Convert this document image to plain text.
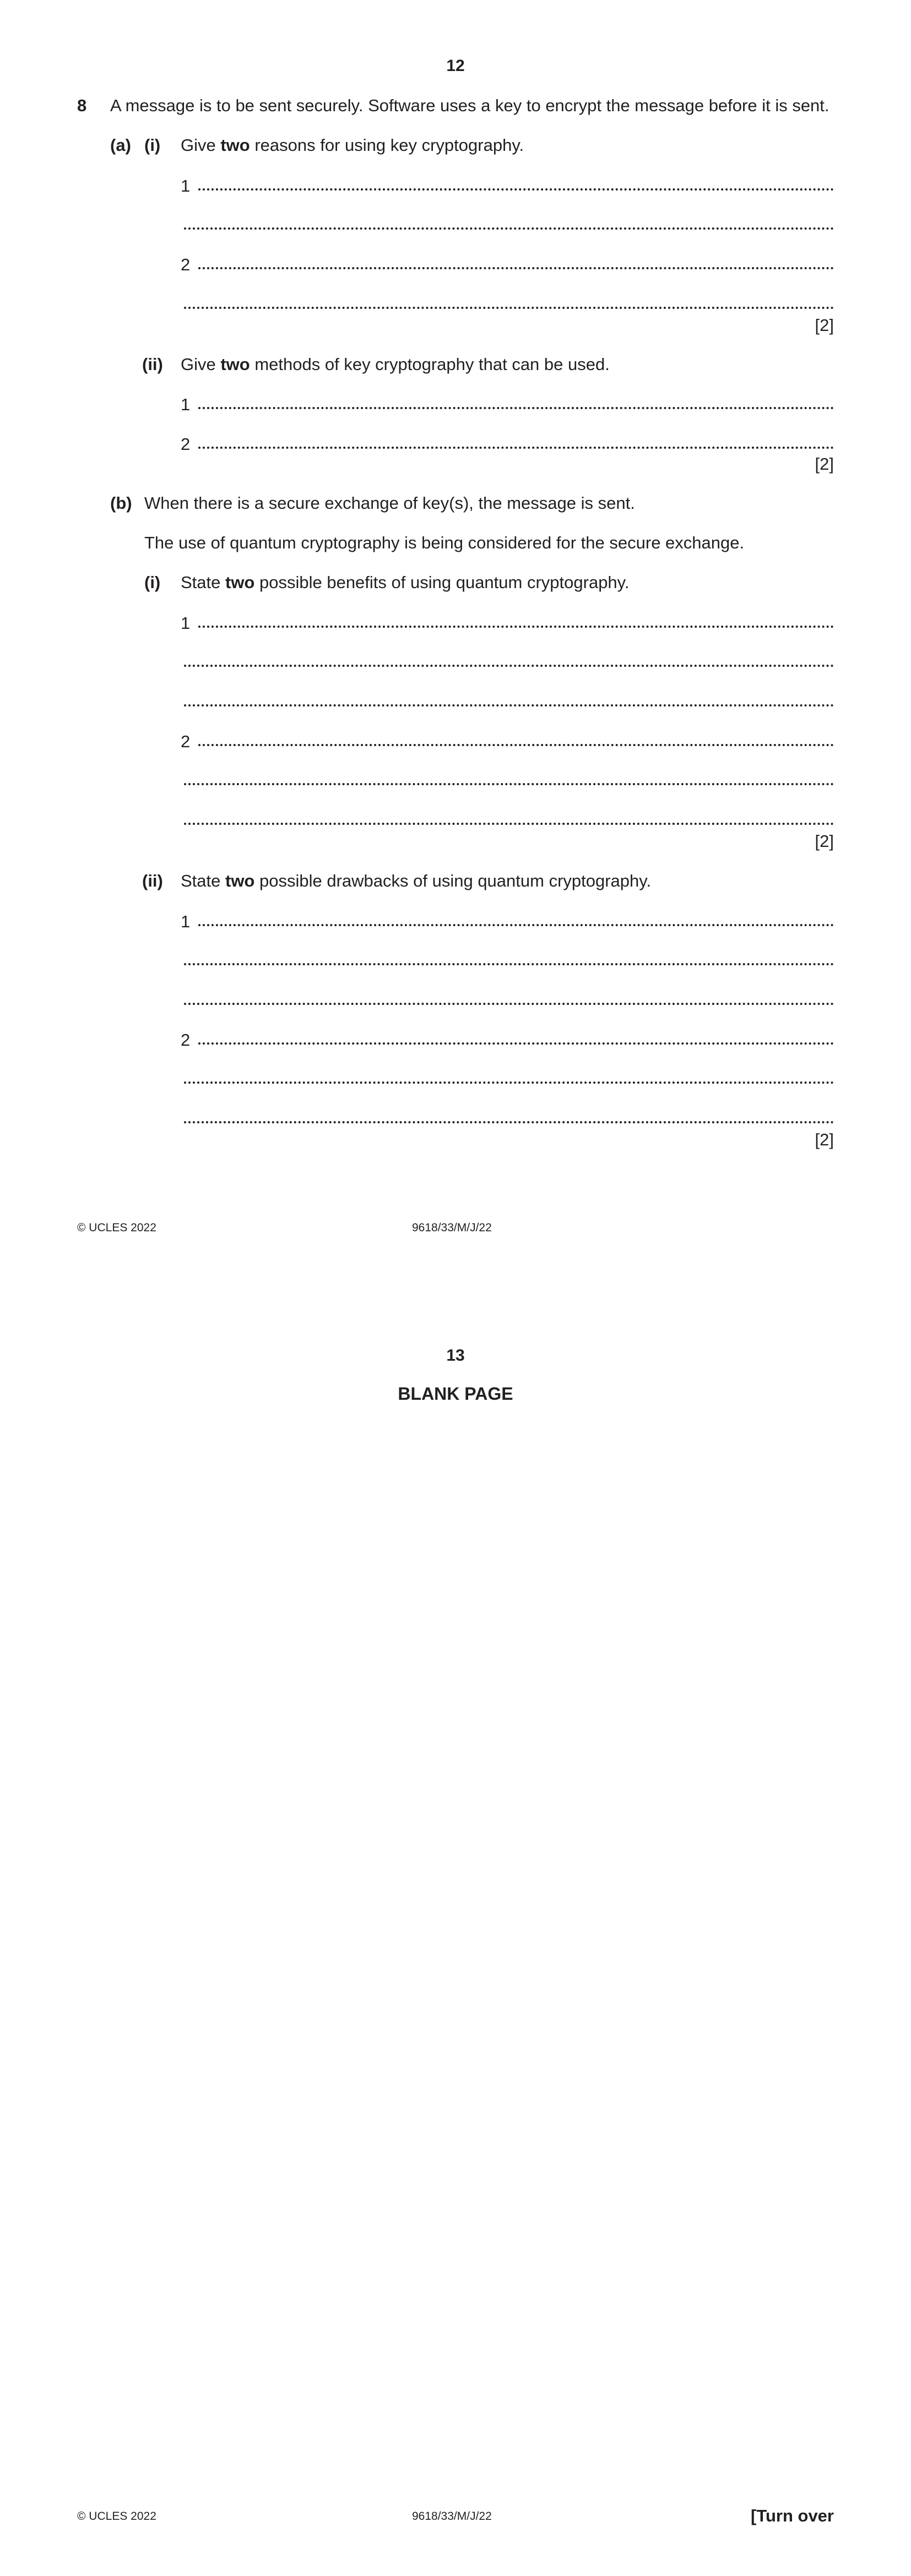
12
8 A message is to be sent securely. Software uses a key to encrypt the message before it is sent.
(a) (i) Give two reasons for using key cryptography.
1
2
[2]
(ii) Give two methods of key cryptography that can be used.
1
2
[2]
(b) When there is a secure exchange of key(s), the message is sent.
The use of quantum cryptography is being considered for the secure exchange.
(i) State two possible benefits of using quantum cryptography.
1
2
[2]
(ii) State two possible drawbacks of using quantum cryptography.
1
2
[2]
© UCLES 2022	9618/33/M/J/22
13
BLANK PAGE
© UCLES 2022	9618/33/M/J/22	[Turn over
